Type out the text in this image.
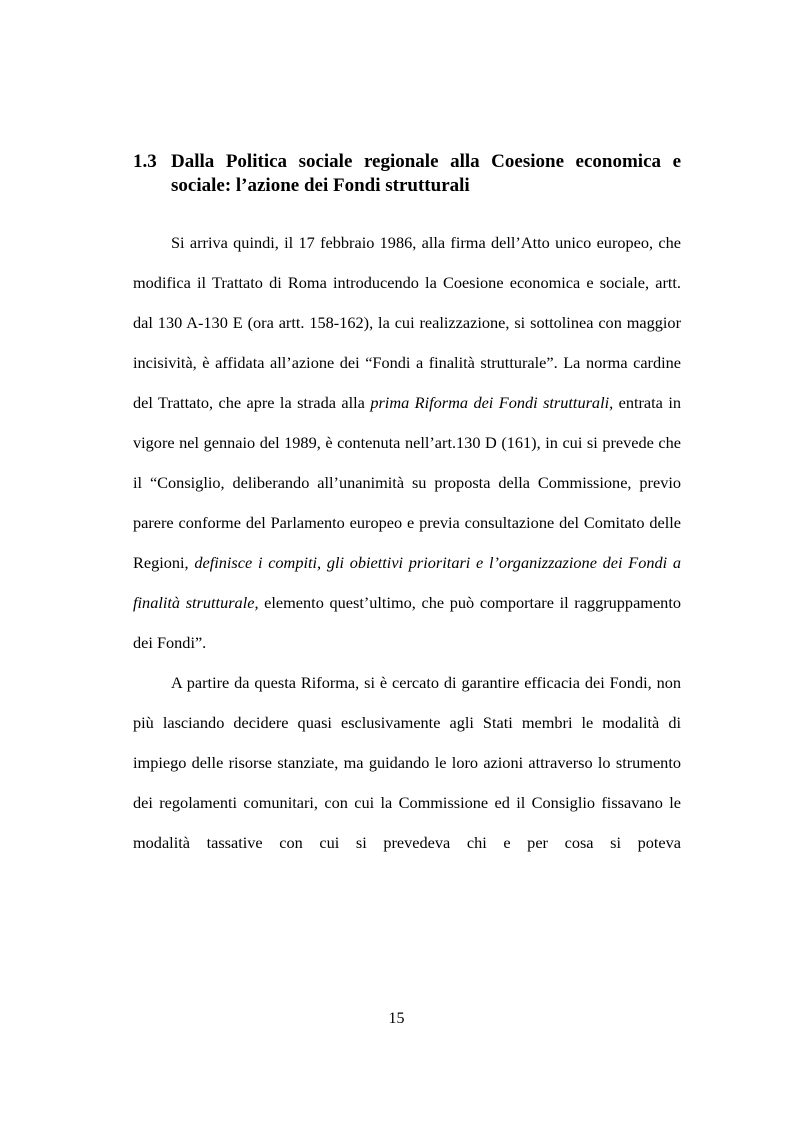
1.3 Dalla Politica sociale regionale alla Coesione economica e sociale: l’azione dei Fondi strutturali

Si arriva quindi, il 17 febbraio 1986, alla firma dell’Atto unico europeo, che modifica il Trattato di Roma introducendo la Coesione economica e sociale, artt. dal 130 A-130 E (ora artt. 158-162), la cui realizzazione, si sottolinea con maggior incisività, è affidata all’azione dei “Fondi a finalità strutturale”. La norma cardine del Trattato, che apre la strada alla prima Riforma dei Fondi strutturali, entrata in vigore nel gennaio del 1989, è contenuta nell’art.130 D (161), in cui si prevede che il “Consiglio, deliberando all’unanimità su proposta della Commissione, previo parere conforme del Parlamento europeo e previa consultazione del Comitato delle Regioni, definisce i compiti, gli obiettivi prioritari e l’organizzazione dei Fondi a finalità strutturale, elemento quest’ultimo, che può comportare il raggruppamento dei Fondi”.

A partire da questa Riforma, si è cercato di garantire efficacia dei Fondi, non più lasciando decidere quasi esclusivamente agli Stati membri le modalità di impiego delle risorse stanziate, ma guidando le loro azioni attraverso lo strumento dei regolamenti comunitari, con cui la Commissione ed il Consiglio fissavano le modalità tassative con cui si prevedeva chi e per cosa si poteva

15
